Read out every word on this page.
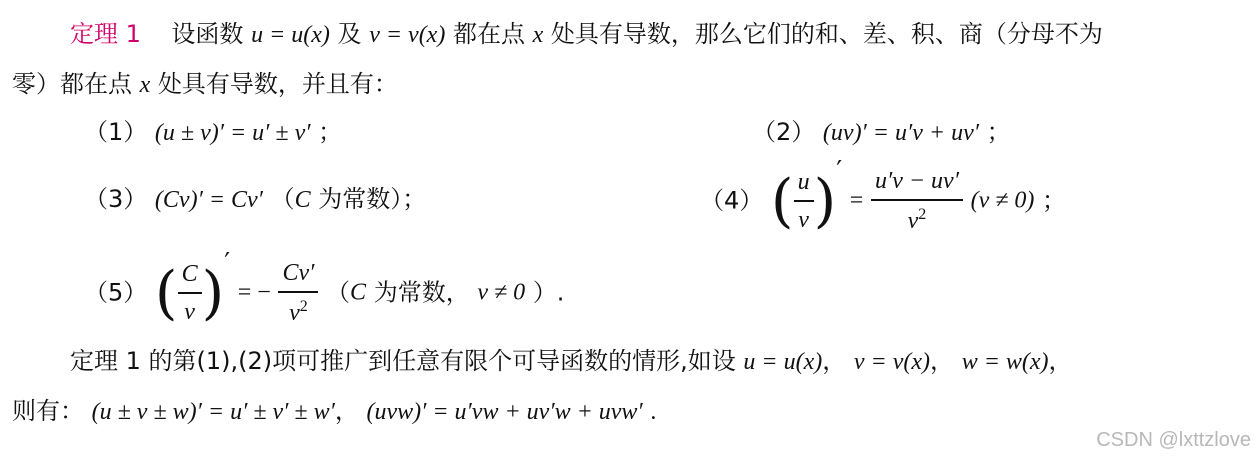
定理 1 设函数 u = u(x) 及 v = v(x) 都在点 x 处具有导数，那么它们的和、差、积、商（分母不为
零）都在点 x 处具有导数，并且有：
（1） (u ± v)′ = u′ ± v′ ；	（2） (uv)′ = u′v + uv′ ；
（3） (Cv)′ = Cv′ （C 为常数）；	（4） ( $\frac{u}{v}$ )′ = $\frac{u'v - uv'}{v^2} (v \ne 0)$ ；
（5） ( $\frac{C}{v}$ )′ = − $\frac{Cv'}{v^2} (C$ 为常数， v ≠ 0 ）.
定理 1 的第(1),(2)项可推广到任意有限个可导函数的情形,如设 u = u(x)， v = v(x)， w = w(x)，
则有： (u ± v ± w)′ = u′ ± v′ ± w′， (uvw)′ = u′vw + uv′w + uvw′ .
CSDN @lxttzlove
